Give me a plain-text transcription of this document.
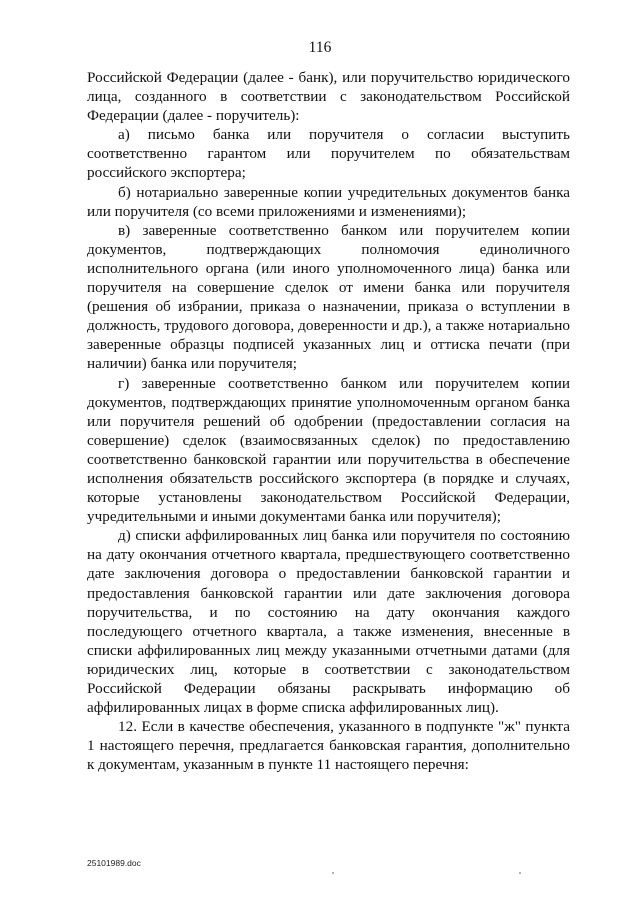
116

Российской Федерации (далее - банк), или поручительство юридического лица, созданного в соответствии с законодательством Российской Федерации (далее - поручитель):

а) письмо банка или поручителя о согласии выступить соответственно гарантом или поручителем по обязательствам российского экспортера;

б) нотариально заверенные копии учредительных документов банка или поручителя (со всеми приложениями и изменениями);

в) заверенные соответственно банком или поручителем копии документов, подтверждающих полномочия единоличного исполнительного органа (или иного уполномоченного лица) банка или поручителя на совершение сделок от имени банка или поручителя (решения об избрании, приказа о назначении, приказа о вступлении в должность, трудового договора, доверенности и др.), а также нотариально заверенные образцы подписей указанных лиц и оттиска печати (при наличии) банка или поручителя;

г) заверенные соответственно банком или поручителем копии документов, подтверждающих принятие уполномоченным органом банка или поручителя решений об одобрении (предоставлении согласия на совершение) сделок (взаимосвязанных сделок) по предоставлению соответственно банковской гарантии или поручительства в обеспечение исполнения обязательств российского экспортера (в порядке и случаях, которые установлены законодательством Российской Федерации, учредительными и иными документами банка или поручителя);

д) списки аффилированных лиц банка или поручителя по состоянию на дату окончания отчетного квартала, предшествующего соответственно дате заключения договора о предоставлении банковской гарантии и предоставления банковской гарантии или дате заключения договора поручительства, и по состоянию на дату окончания каждого последующего отчетного квартала, а также изменения, внесенные в списки аффилированных лиц между указанными отчетными датами (для юридических лиц, которые в соответствии с законодательством Российской Федерации обязаны раскрывать информацию об аффилированных лицах в форме списка аффилированных лиц).

12. Если в качестве обеспечения, указанного в подпункте "ж" пункта 1 настоящего перечня, предлагается банковская гарантия, дополнительно к документам, указанным в пункте 11 настоящего перечня:

25101989.doc
